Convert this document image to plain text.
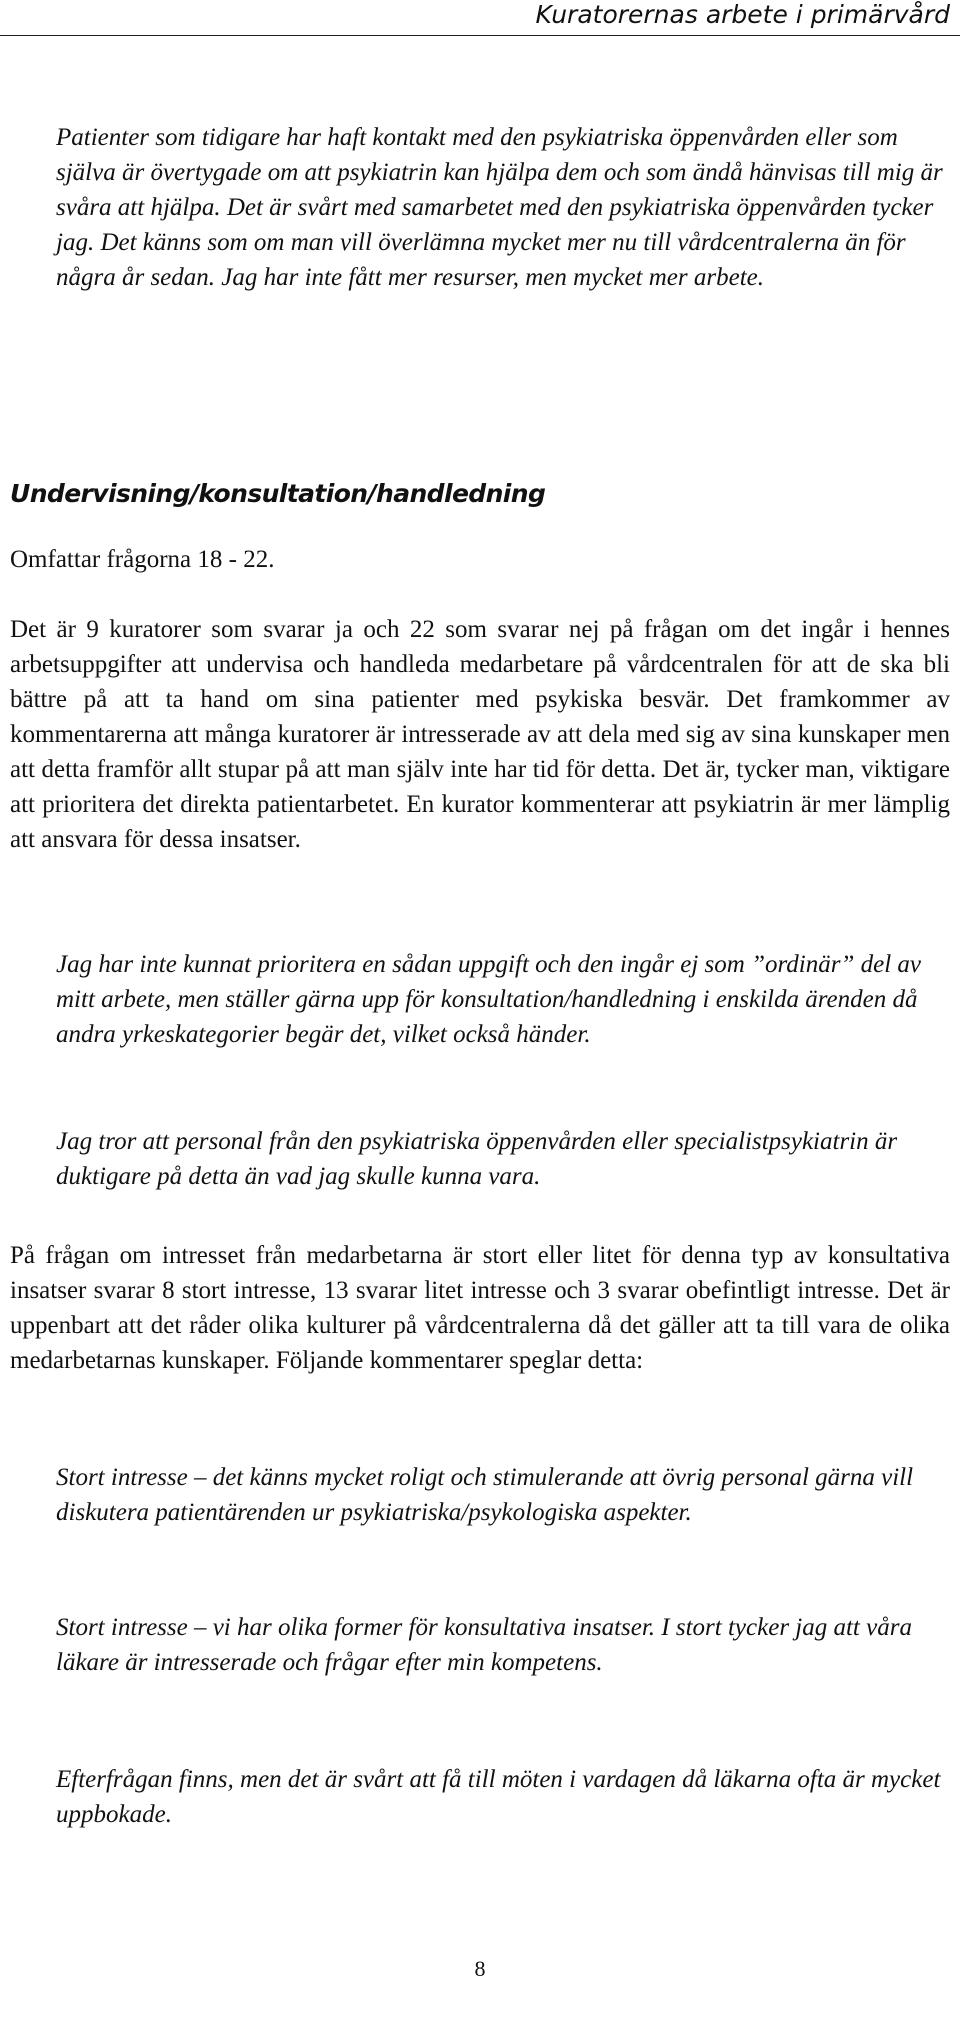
Kuratorernas arbete i primärvård

Patienter som tidigare har haft kontakt med den psykiatriska öppenvården eller som själva är övertygade om att psykiatrin kan hjälpa dem och som ändå hänvisas till mig är svåra att hjälpa. Det är svårt med samarbetet med den psykiatriska öppenvården tycker jag. Det känns som om man vill överlämna mycket mer nu till vårdcentralerna än för några år sedan. Jag har inte fått mer resurser, men mycket mer arbete.

Undervisning/konsultation/handledning
Omfattar frågorna 18 - 22.

Det är 9 kuratorer som svarar ja och 22 som svarar nej på frågan om det ingår i hennes arbetsuppgifter att undervisa och handleda medarbetare på vårdcentralen för att de ska bli bättre på att ta hand om sina patienter med psykiska besvär. Det framkommer av kommentarerna att många kuratorer är intresserade av att dela med sig av sina kunskaper men att detta framför allt stupar på att man själv inte har tid för detta. Det är, tycker man, viktigare att prioritera det direkta patientarbetet. En kurator kommenterar att psykiatrin är mer lämplig att ansvara för dessa insatser.

Jag har inte kunnat prioritera en sådan uppgift och den ingår ej som ”ordinär” del av mitt arbete, men ställer gärna upp för konsultation/handledning i enskilda ärenden då andra yrkeskategorier begär det, vilket också händer.

Jag tror att personal från den psykiatriska öppenvården eller specialistpsykiatrin är duktigare på detta än vad jag skulle kunna vara.

På frågan om intresset från medarbetarna är stort eller litet för denna typ av konsultativa insatser svarar 8 stort intresse, 13 svarar litet intresse och 3 svarar obefintligt intresse. Det är uppenbart att det råder olika kulturer på vårdcentralerna då det gäller att ta till vara de olika medarbetarnas kunskaper. Följande kommentarer speglar detta:

Stort intresse – det känns mycket roligt och stimulerande att övrig personal gärna vill diskutera patientärenden ur psykiatriska/psykologiska aspekter.

Stort intresse – vi har olika former för konsultativa insatser. I stort tycker jag att våra läkare är intresserade och frågar efter min kompetens.

Efterfrågan finns, men det är svårt att få till möten i vardagen då läkarna ofta är mycket uppbokade.

8
